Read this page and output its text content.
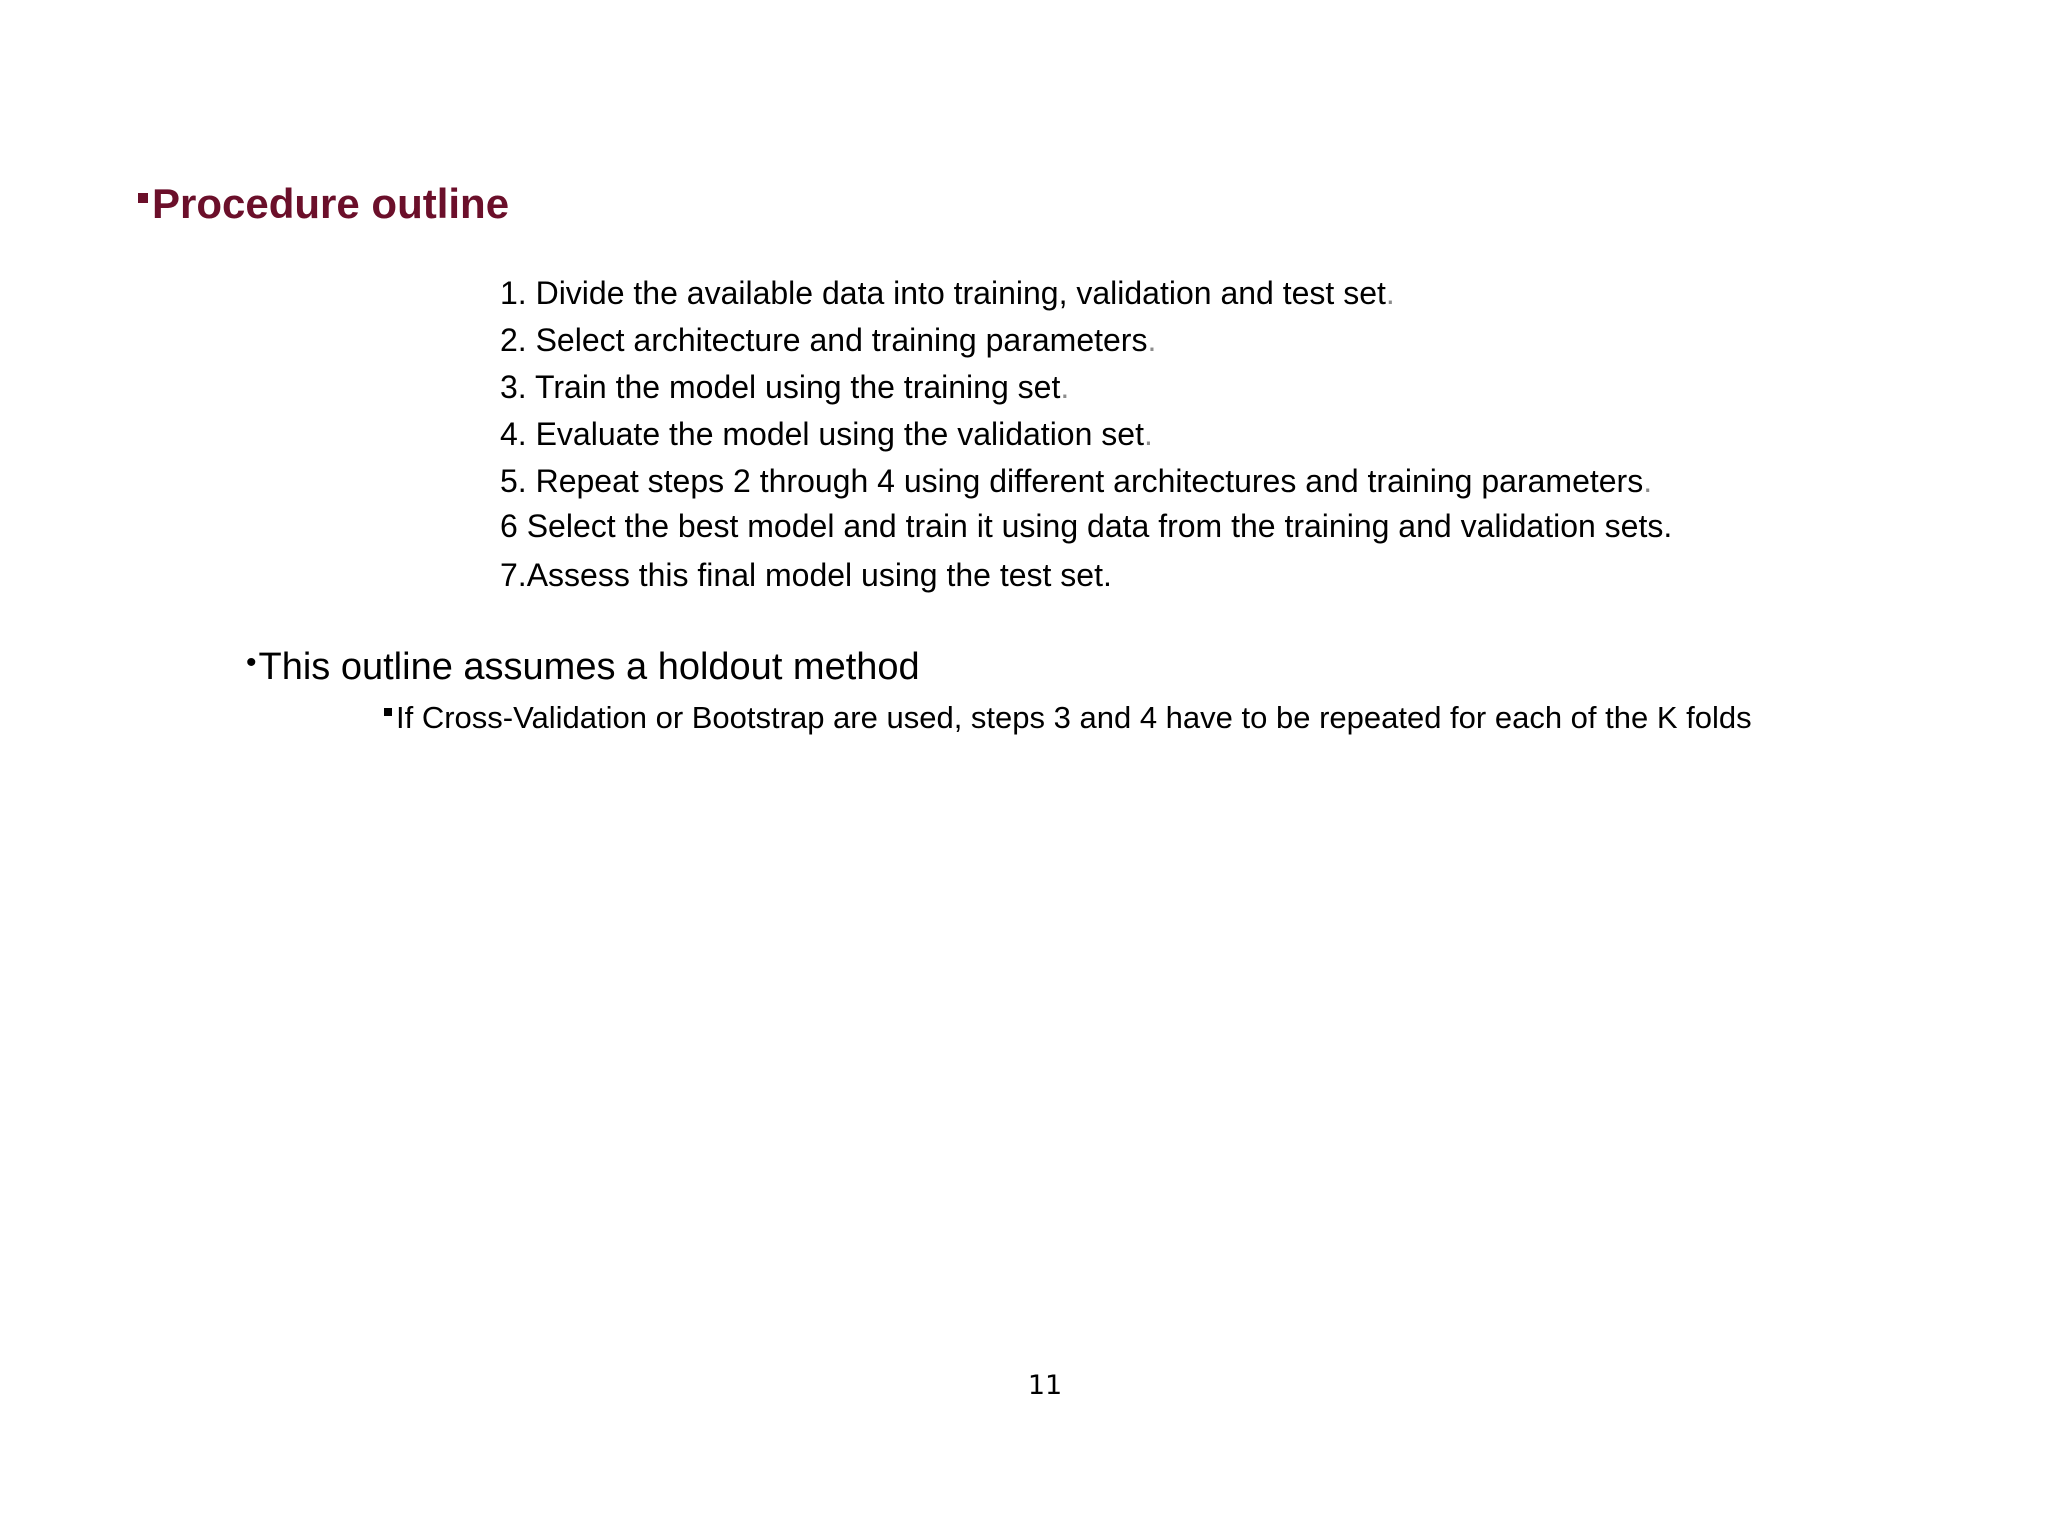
Procedure outline
1. Divide the available data into training, validation and test set.
2. Select architecture and training parameters.
3. Train the model using the training set.
4. Evaluate the model using the validation set.
5. Repeat steps 2 through 4 using different architectures and training parameters.
6 Select the best model and train it using data from the training and validation sets.
7.Assess this final model using the test set.
• This outline assumes a holdout method
If Cross-Validation or Bootstrap are used, steps 3 and 4 have to be repeated for each of the K folds
11
